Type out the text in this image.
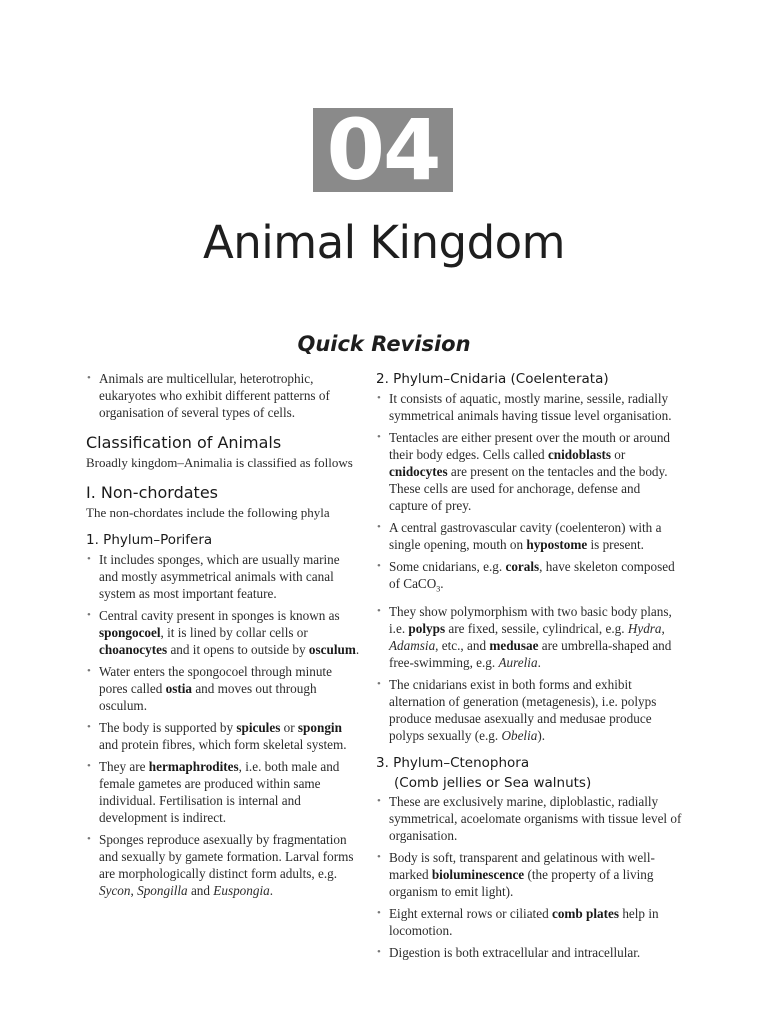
04
Animal Kingdom
Quick Revision
• Animals are multicellular, heterotrophic, eukaryotes who exhibit different patterns of organisation of several types of cells.
Classification of Animals
Broadly kingdom–Animalia is classified as follows
I. Non-chordates
The non-chordates include the following phyla
1. Phylum–Porifera
• It includes sponges, which are usually marine and mostly asymmetrical animals with canal system as most important feature.
• Central cavity present in sponges is known as spongocoel, it is lined by collar cells or choanocytes and it opens to outside by osculum.
• Water enters the spongocoel through minute pores called ostia and moves out through osculum.
• The body is supported by spicules or spongin and protein fibres, which form skeletal system.
• They are hermaphrodites, i.e. both male and female gametes are produced within same individual. Fertilisation is internal and development is indirect.
• Sponges reproduce asexually by fragmentation and sexually by gamete formation. Larval forms are morphologically distinct form adults, e.g. Sycon, Spongilla and Euspongia.
2. Phylum–Cnidaria (Coelenterata)
• It consists of aquatic, mostly marine, sessile, radially symmetrical animals having tissue level organisation.
• Tentacles are either present over the mouth or around their body edges. Cells called cnidoblasts or cnidocytes are present on the tentacles and the body. These cells are used for anchorage, defense and capture of prey.
• A central gastrovascular cavity (coelenteron) with a single opening, mouth on hypostome is present.
• Some cnidarians, e.g. corals, have skeleton composed of CaCO$_3$.
• They show polymorphism with two basic body plans, i.e. polyps are fixed, sessile, cylindrical, e.g. Hydra, Adamsia, etc., and medusae are umbrella-shaped and free-swimming, e.g. Aurelia.
• The cnidarians exist in both forms and exhibit alternation of generation (metagenesis), i.e. polyps produce medusae asexually and medusae produce polyps sexually (e.g. Obelia).
3. Phylum–Ctenophora
(Comb jellies or Sea walnuts)
• These are exclusively marine, diploblastic, radially symmetrical, acoelomate organisms with tissue level of organisation.
• Body is soft, transparent and gelatinous with well-marked bioluminescence (the property of a living organism to emit light).
• Eight external rows or ciliated comb plates help in locomotion.
• Digestion is both extracellular and intracellular.
